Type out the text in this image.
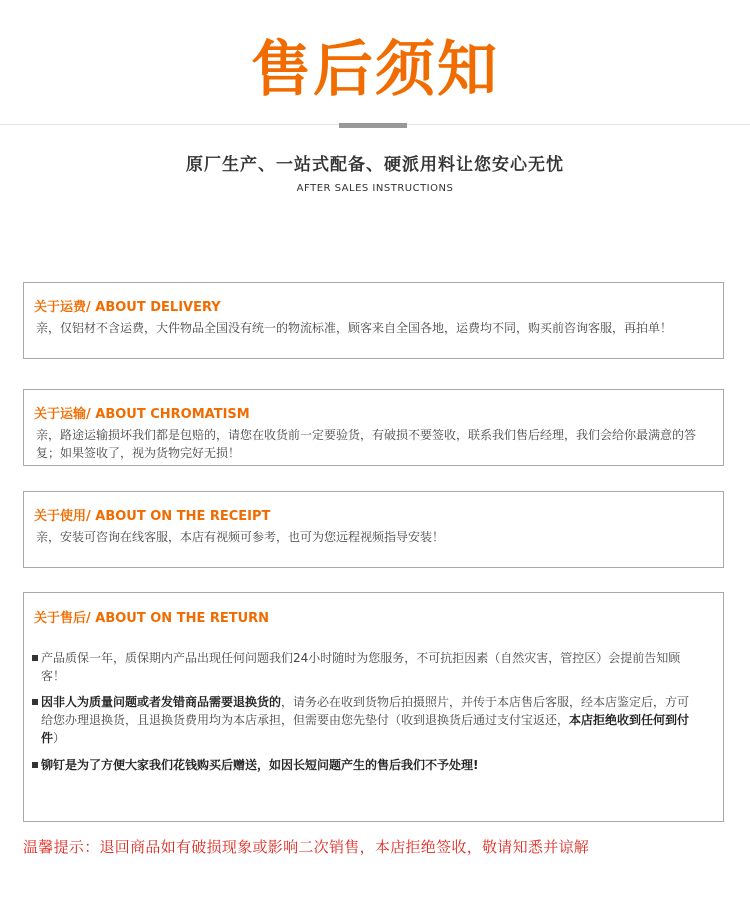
售后须知
原厂生产、一站式配备、硬派用料让您安心无忧
AFTER SALES INSTRUCTIONS
关于运费/ ABOUT DELIVERY
亲，仅铝材不含运费，大件物品全国没有统一的物流标准，顾客来自全国各地，运费均不同，购买前咨询客服，再拍单！
关于运输/ ABOUT CHROMATISM
亲，路途运输损坏我们都是包赔的，请您在收货前一定要验货，有破损不要签收，联系我们售后经理，我们会给你最满意的答复；如果签收了，视为货物完好无损！
关于使用/ ABOUT ON THE RECEIPT
亲，安装可咨询在线客服，本店有视频可参考，也可为您远程视频指导安装！
关于售后/ ABOUT ON THE RETURN
产品质保一年，质保期内产品出现任何问题我们24小时随时为您服务，不可抗拒因素（自然灾害，管控区）会提前告知顾客！
因非人为质量问题或者发错商品需要退换货的，请务必在收到货物后拍摄照片，并传于本店售后客服，经本店鉴定后，方可给您办理退换货，且退换货费用均为本店承担，但需要由您先垫付（收到退换货后通过支付宝返还，本店拒绝收到任何到付件）
铆钉是为了方便大家我们花钱购买后赠送，如因长短问题产生的售后我们不予处理!
温馨提示：退回商品如有破损现象或影响二次销售，本店拒绝签收，敬请知悉并谅解
